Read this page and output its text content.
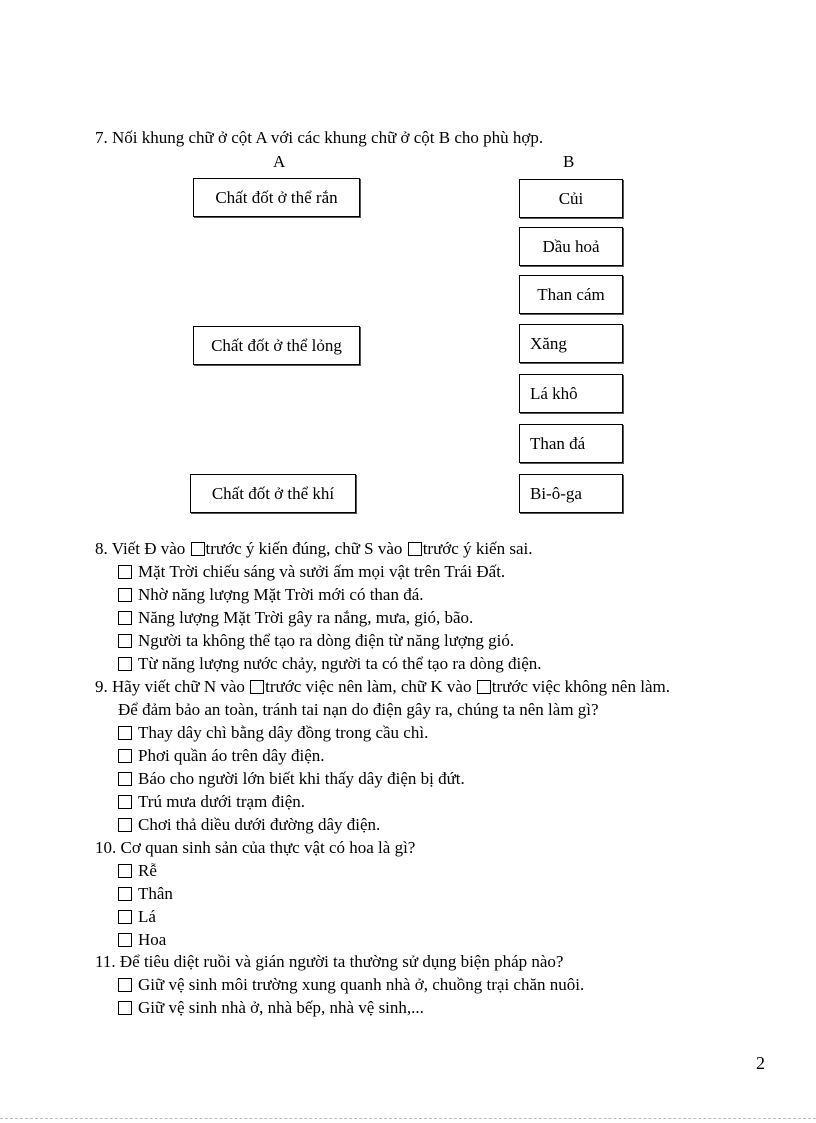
7. Nối khung chữ ở cột A với các khung chữ ở cột B cho phù hợp.
A	B
Chất đốt ở thể rắn
Chất đốt ở thể lỏng
Chất đốt ở thể khí
Củi
Dầu hoả
Than cám
Xăng
Lá khô
Than đá
Bi-ô-ga
8. Viết Đ vào trước ý kiến đúng, chữ S vào trước ý kiến sai.
Mặt Trời chiếu sáng và sưởi ấm mọi vật trên Trái Đất.
Nhờ năng lượng Mặt Trời mới có than đá.
Năng lượng Mặt Trời gây ra nắng, mưa, gió, bão.
Người ta không thể tạo ra dòng điện từ năng lượng gió.
Từ năng lượng nước chảy, người ta có thể tạo ra dòng điện.
9. Hãy viết chữ N vào trước việc nên làm, chữ K vào trước việc không nên làm.
Để đảm bảo an toàn, tránh tai nạn do điện gây ra, chúng ta nên làm gì?
Thay dây chì bằng dây đồng trong cầu chì.
Phơi quần áo trên dây điện.
Báo cho người lớn biết khi thấy dây điện bị đứt.
Trú mưa dưới trạm điện.
Chơi thả diều dưới đường dây điện.
10. Cơ quan sinh sản của thực vật có hoa là gì?
Rễ
Thân
Lá
Hoa
11. Để tiêu diệt ruồi và gián người ta thường sử dụng biện pháp nào?
Giữ vệ sinh môi trường xung quanh nhà ở, chuồng trại chăn nuôi.
Giữ vệ sinh nhà ở, nhà bếp, nhà vệ sinh,...
2
